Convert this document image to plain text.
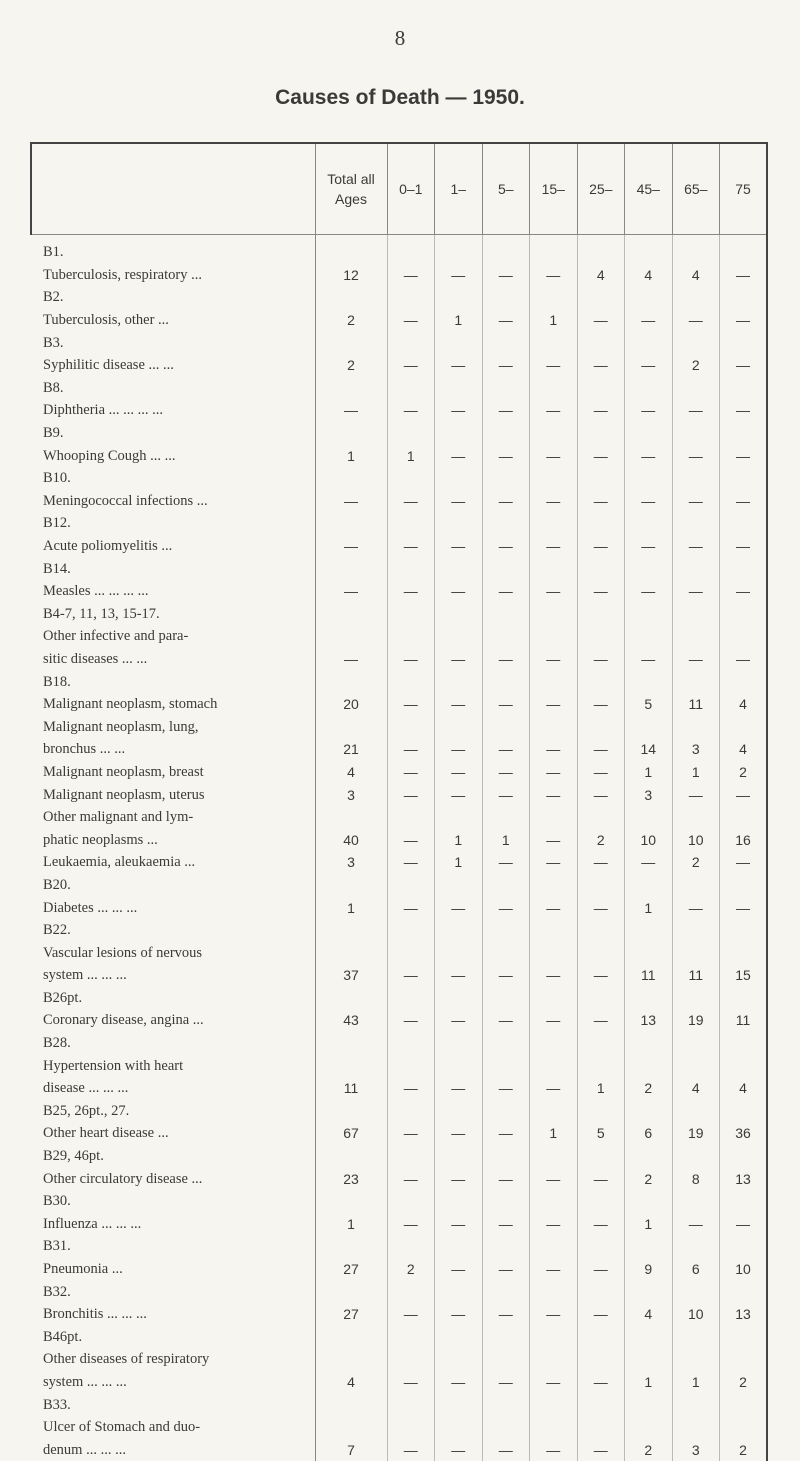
8
Causes of Death — 1950.
	Total all Ages	0–1	1–	5–	15–	25–	45–	65–	75
B1.									
Tuberculosis, respiratory ...	12	—	—	—	—	4	4	4	—
B2.									
Tuberculosis, other ...	2	—	1	—	1	—	—	—	—
B3.									
Syphilitic disease ... ...	2	—	—	—	—	—	—	2	—
B8.									
Diphtheria ... ... ... ...	—	—	—	—	—	—	—	—	—
B9.									
Whooping Cough ... ...	1	1	—	—	—	—	—	—	—
B10.									
Meningococcal infections ...	—	—	—	—	—	—	—	—	—
B12.									
Acute poliomyelitis ...	—	—	—	—	—	—	—	—	—
B14.									
Measles ... ... ... ...	—	—	—	—	—	—	—	—	—
B4-7, 11, 13, 15-17.									
Other infective and para-									
sitic diseases ... ...	—	—	—	—	—	—	—	—	—
B18.									
Malignant neoplasm, stomach	20	—	—	—	—	—	5	11	4
Malignant neoplasm, lung,									
bronchus ... ...	21	—	—	—	—	—	14	3	4
Malignant neoplasm, breast	4	—	—	—	—	—	1	1	2
Malignant neoplasm, uterus	3	—	—	—	—	—	3	—	—
Other malignant and lym-									
phatic neoplasms ...	40	—	1	1	—	2	10	10	16
Leukaemia, aleukaemia ...	3	—	1	—	—	—	—	2	—
B20.									
Diabetes ... ... ...	1	—	—	—	—	—	1	—	—
B22.									
Vascular lesions of nervous									
system ... ... ...	37	—	—	—	—	—	11	11	15
B26pt.									
Coronary disease, angina ...	43	—	—	—	—	—	13	19	11
B28.									
Hypertension with heart									
disease ... ... ...	11	—	—	—	—	1	2	4	4
B25, 26pt., 27.									
Other heart disease ...	67	—	—	—	1	5	6	19	36
B29, 46pt.									
Other circulatory disease ...	23	—	—	—	—	—	2	8	13
B30.									
Influenza ... ... ...	1	—	—	—	—	—	1	—	—
B31.									
Pneumonia ...	27	2	—	—	—	—	9	6	10
B32.									
Bronchitis ... ... ...	27	—	—	—	—	—	4	10	13
B46pt.									
Other diseases of respiratory									
system ... ... ...	4	—	—	—	—	—	1	1	2
B33.									
Ulcer of Stomach and duo-									
denum ... ... ...	7	—	—	—	—	—	2	3	2
